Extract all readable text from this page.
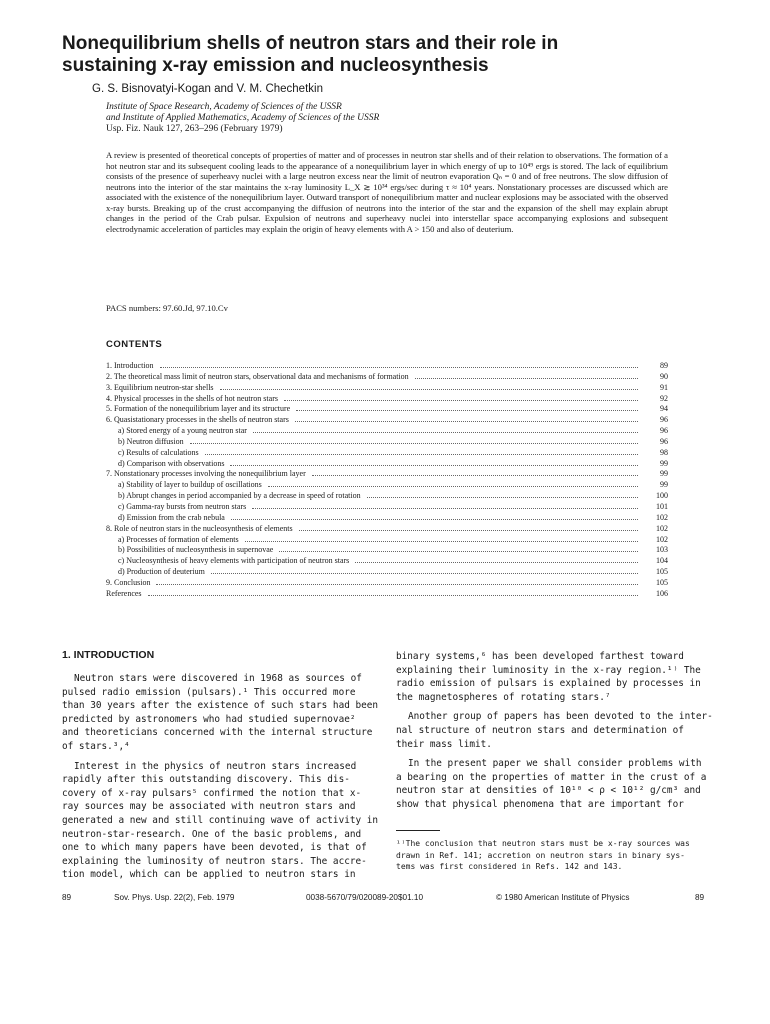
Nonequilibrium shells of neutron stars and their role in
sustaining x-ray emission and nucleosynthesis
G. S. Bisnovatyi-Kogan and V. M. Chechetkin
Institute of Space Research, Academy of Sciences of the USSR
and Institute of Applied Mathematics, Academy of Sciences of the USSR
Usp. Fiz. Nauk 127, 263–296 (February 1979)

A review is presented of theoretical concepts of properties of matter and of processes in neutron star shells and of their relation to observations. The formation of a hot neutron star and its subsequent cooling leads to the appearance of a nonequilibrium layer in which energy of up to 10⁴⁹ ergs is stored. The lack of equilibrium consists of the presence of superheavy nuclei with a large neutron excess near the limit of neutron evaporation Qₙ = 0 and of free neutrons. The slow diffusion of neutrons into the interior of the star maintains the x-ray luminosity L_X ≳ 10³⁴ ergs/sec during τ ≈ 10⁴ years. Nonstationary processes are discussed which are associated with the existence of the nonequilibrium layer. Outward transport of nonequilibrium matter and nuclear explosions may be associated with the observed x-ray bursts. Breaking up of the crust accompanying the diffusion of neutrons into the interior of the star and the expansion of the shell may explain abrupt changes in the period of the Crab pulsar. Expulsion of neutrons and superheavy nuclei into interstellar space accompanying explosions and subsequent electrodynamic acceleration of particles may explain the origin of heavy elements with A > 150 and also of deuterium.

PACS numbers: 97.60.Jd, 97.10.Cv
CONTENTS
1. Introduction	89
2. The theoretical mass limit of neutron stars, observational data and mechanisms of formation	90
3. Equilibrium neutron-star shells	91
4. Physical processes in the shells of hot neutron stars	92
5. Formation of the nonequilibrium layer and its structure	94
6. Quasistationary processes in the shells of neutron stars	96
a) Stored energy of a young neutron star	96
b) Neutron diffusion	96
c) Results of calculations	98
d) Comparison with observations	99
7. Nonstationary processes involving the nonequilibrium layer	99
a) Stability of layer to buildup of oscillations	99
b) Abrupt changes in period accompanied by a decrease in speed of rotation	100
c) Gamma-ray bursts from neutron stars	101
d) Emission from the crab nebula	102
8. Role of neutron stars in the nucleosynthesis of elements	102
a) Processes of formation of elements	102
b) Possibilities of nucleosynthesis in supernovae	103
c) Nucleosynthesis of heavy elements with participation of neutron stars	104
d) Production of deuterium	105
9. Conclusion	105
References	106
1. INTRODUCTION
Neutron stars were discovered in 1968 as sources of
pulsed radio emission (pulsars).¹ This occurred more
than 30 years after the existence of such stars had been
predicted by astronomers who had studied supernovae²
and theoreticians concerned with the internal structure
of stars.³,⁴
Interest in the physics of neutron stars increased
rapidly after this outstanding discovery. This dis-
covery of x-ray pulsars⁵ confirmed the notion that x-
ray sources may be associated with neutron stars and
generated a new and still continuing wave of activity in
neutron-star-research. One of the basic problems, and
one to which many papers have been devoted, is that of
explaining the luminosity of neutron stars. The accre-
tion model, which can be applied to neutron stars in
binary systems,⁶ has been developed farthest toward
explaining their luminosity in the x-ray region.¹⁾ The
radio emission of pulsars is explained by processes in
the magnetospheres of rotating stars.⁷
Another group of papers has been devoted to the inter-
nal structure of neutron stars and determination of
their mass limit.
In the present paper we shall consider problems with
a bearing on the properties of matter in the crust of a
neutron star at densities of 10¹⁰ < ρ < 10¹² g/cm³ and
show that physical phenomena that are important for
¹⁾The conclusion that neutron stars must be x-ray sources was
drawn in Ref. 141; accretion on neutron stars in binary sys-
tems was first considered in Refs. 142 and 143.
89	Sov. Phys. Usp. 22(2), Feb. 1979	0038-5670/79/020089-20$01.10	© 1980 American Institute of Physics	89
